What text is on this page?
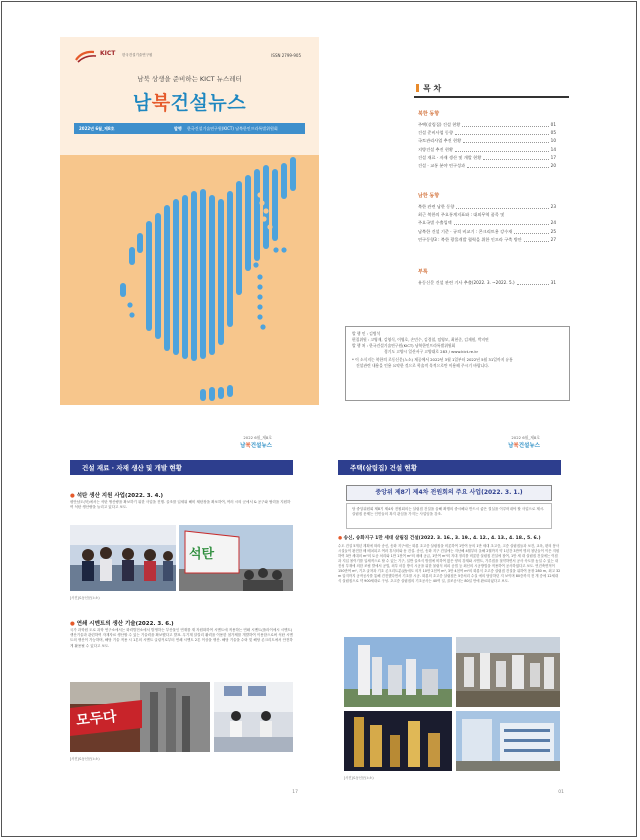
KICT 한국건설기술연구원	ISSN 2799-905
남북 상생을 준비하는 KICT 뉴스레터
남북건설뉴스
2022년 6월_제8호	발행 한국건설기술연구원(KICT) 남북한인프라특별위원회
목 차
북한 동향
주택(살림집) 건설 현황	01
건설 준비사업 동향	05
국토관리사업 추진 현황	10
지방건설 추진 현황	14
건설 재료 · 자재 생산 및 개발 현황	17
건설 · 교통 분야 연구성과	20
남한 동향
북한 관련 남한 동향	23
최근 북한의 주요통계지표와 : 대외무역 품목 및
주요국별 수출입액	24
남북한 건설 기준 · 규격 비교기 : 콘크리트용 강수재	25
연구동향3 : 북한 광물개발 협력을 위한 인프라 구축 방안	27
부록
유동신문 건설 관련 기사 추출(2022. 3. ~2022. 5.)	31
발 행 인 : 김병석
편집위원 : 고영재, 김영식, 이영호, 손민수, 김경철, 임영모, 최현준, 김재원, 박지연
발 행 처 : 한국건설기술연구원(KICT) 남북한인프라특별위원회
경기도 고양시 일산서구 고양대로 283 / www.kict.re.kr
* 이 소식지는 북한의 로동신문(노소) 제공에서 2022년 3월 1일부터 2022년 5월 31일까지 유통
건설관련 내용을 인용 요약한 것으로 학술적 목적으로만 이용해 주시기 바랍니다.
2022 6월_제8호
남북건설뉴스
건설 재료 · 자재 생산 및 개발 현황
● 석탄 생산 지원 사업(2022. 3. 4.)
평안남도(북)에서는 석탄 생산량을 확보하기 위한 사업을 진행. 골조를 입세워 해비 채탄장을 확보하여, 여러 시의 군에서 & 공구와 협력을 지원하여 석탄 생산량을 늘리고 있다고 보도.
석탄
[사진]로동신문(노소)
● 연쇄 시멘트의 생산 기술(2022. 3. 6.)
국가 과학원 도로 과학 연구소에서는 화력발전소에서 발생하는 부산물인 연재를 재 자원화하여 시멘트에 적용하는 연쇄 시멘트(플라이애시 시멘트) 생산기술과 관련하여 자재자료 생산할 수 있는 기술력을 확보했다고 발표. 무기계 알칼리 활력을 이용한 첨가제를 개발하여 이용함으로써 석탄 시멘트의 생산이 가능하며, 해당 기술 적용 시 1톤의 시멘트 클링커로부터 연쇄 시멘트 2톤 이상을 생산. 해당 기술을 수락 및 해당 콘크리트에서 안전하게 활용될 수 있다고 보도.
모두다
[사진]로동신문(노소)
17
2022 6월_제8호
남북건설뉴스
주택(살림집) 건설 현황
중앙위 제8기 제4차 전원회의 주요 사업(2022. 3. 1.)
당 중앙위원회 제8기 제4차 전원회의는 살림집 건설을 올해 확행의 중시해나 반드시 좋은 결실을 이루어내야 할 사업으로 제시. 살림집 문제는 인민들의 복지 관심을 가지는 사업임을 강조.
● 송신, 송화지구 1만 세대 살림집 건설(2022. 3. 16., 3. 19., 4. 12., 4. 13., 4. 18., 5. 6.)
수도 건설 5개년 계획에 따라 송신, 송화 지구에는 화룡 초고층 살림집을 비롯하여 1만여 동의 1만 세대 초고층, 고층 살림집들과 보건, 교육, 편의 봉사 시설들이 완전한 배 배치되고 여러 휴식터와 동 건설. 송신, 송화 지구 건설에는 지난해 4월부터 올해 2월까지 약 1년간 3만여 명의 청년들이 이은 지원하여 3만 세대의 m²의 토공 처리와 1만 1천여 m²의 매매 공급, 1만여 m³의 지대 정리를 비롯한 살림집 건설에 참여, 1만 세 대 살림집 건설에는 이집과 지입 볼이기를 입체적으로 할 수 있는 기구, 일반 골조식 방법에 비하여 많은 양의 강재와 시멘트, 가루집을 절약하면서 공사 속도를 높일 수 있는 내진성 부재에 의한 조립 발에서 공법, 외부 마감 방식 시공을 위한 물림식 외피 공법 등 최신의 시공방법을 적용하여 공사하였다고 보도. 연건축면적이 150만여 m², 기초 굴착과 기초 콘크리트분(판)에도 의거 10만 2천여 m³, 3만 4천여 m²의 화룡식 초고층 살림집 건설을 위하여 옹장 280 m, 최고 32 m 압지까지 공작공사를 통해 건전했다면서 기초를 시공. 화룡의 초고층 살림집은 5층처리 수실 에의 담암하던 지 보이며 80층까지 전 개 층에 12세대식 살림집으로 약 900세대로 구성. 초고층 살림집의 기초공사는 40여 일, 골조공사는 80일 만에 완료되었다고 보도.
[사진]로동신문(노소)
01
